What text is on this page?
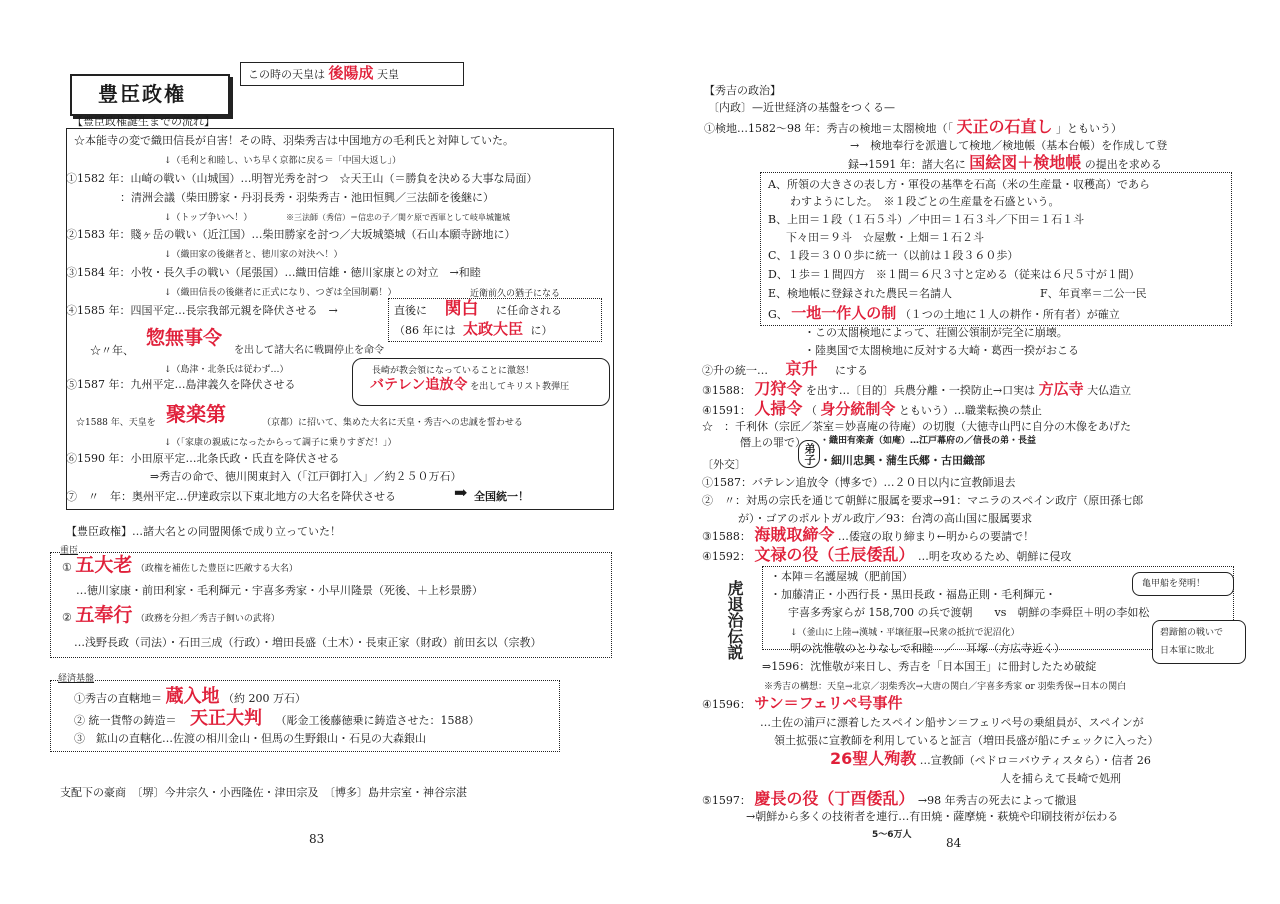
豊臣政権
この時の天皇は 後陽成 天皇
【豊臣政権誕生までの流れ】
☆本能寺の変で織田信長が自害！その時、羽柴秀吉は中国地方の毛利氏と対陣していた。
↓（毛利と和睦し、いち早く京都に戻る＝「中国大返し」）
①1582 年：山崎の戦い（山城国）…明智光秀を討つ　☆天王山（＝勝負を決める大事な局面）
：清洲会議（柴田勝家・丹羽長秀・羽柴秀吉・池田恒興／三法師を後継に）
↓（トップ争いへ！）	※三法師（秀信）＝信忠の子／関ケ原で西軍として岐阜城籠城
②1583 年：賤ヶ岳の戦い（近江国）…柴田勝家を討つ／大坂城築城（石山本願寺跡地に）
↓（織田家の後継者と、徳川家の対決へ！）
③1584 年：小牧・長久手の戦い（尾張国）…織田信雄・徳川家康との対立　→和睦
↓（織田信長の後継者に正式になり、つぎは全国制覇！）
④1585 年：四国平定…長宗我部元親を降伏させる　→
近衛前久の猶子になる
直後に 関白 に任命される
（86 年には 太政大臣 に）
☆〃年、
惣無事令
を出して諸大名に戦闘停止を命令
↓（島津・北条氏は従わず…）
⑤1587 年：九州平定…島津義久を降伏させる
長崎が教会領になっていることに激怒！
バテレン追放令 を出してキリスト教弾圧
☆1588 年、天皇を 聚楽第	（京都）に招いて、集めた大名に天皇・秀吉への忠誠を誓わせる
↓（「家康の親戚になったからって調子に乗りすぎだ！」）
⑥1590 年：小田原平定…北条氏政・氏直を降伏させる
⇒秀吉の命で、徳川関東封入（「江戸御打入」／約２５０万石）
⑦　〃　年：奥州平定…伊達政宗以下東北地方の大名を降伏させる	➡ 全国統一！
【豊臣政権】…諸大名との同盟関係で成り立っていた！
重臣
① 五大老 （政権を補佐した豊臣に匹敵する大名）
…徳川家康・前田利家・毛利輝元・宇喜多秀家・小早川隆景（死後、＋上杉景勝）
② 五奉行 （政務を分担／秀吉子飼いの武将）
…浅野長政（司法）・石田三成（行政）・増田長盛（土木）・長束正家（財政）前田玄以（宗教）
経済基盤
①秀吉の直轄地＝ 蔵入地 （約 200 万石）
② 統一貨幣の鋳造＝ 天正大判 （彫金工後藤徳乗に鋳造させた：1588）
③　鉱山の直轄化…佐渡の相川金山・但馬の生野銀山・石見の大森銀山
支配下の豪商　〔堺〕今井宗久・小西隆佐・津田宗及　〔博多〕島井宗室・神谷宗湛
83
【秀吉の政治】
〔内政〕—近世経済の基盤をつくる—
①検地…1582～98 年：秀吉の検地＝太閤検地（「 天正の石直し 」ともいう）
→　検地奉行を派遣して検地／検地帳（基本台帳）を作成して登
録→1591 年：諸大名に 国絵図＋検地帳 の提出を求める
A、所領の大きさの表し方・軍役の基準を石高（米の生産量・収穫高）であら
わすようにした。　※１段ごとの生産量を石盛という。
B、上田＝１段（１石５斗）／中田＝１石３斗／下田＝１石１斗
下々田＝９斗　☆屋敷・上畑＝１石２斗
C、１段＝３００歩に統一（以前は１段３６０歩）
D、１歩＝１間四方　※１間＝６尺３寸と定める（従来は６尺５寸が１間）
E、検地帳に登録された農民＝名請人	F、年貢率＝二公一民
G、 一地一作人の制 （１つの土地に１人の耕作・所有者）が確立
・この太閤検地によって、荘園公領制が完全に崩壊。
・陸奥国で太閤検地に反対する大崎・葛西一揆がおこる
②升の統一… 京升 にする
③1588： 刀狩令 を出す…〔目的〕兵農分離・一揆防止→口実は 方広寺 大仏造立
④1591： 人掃令 （ 身分統制令 ともいう）…職業転換の禁止
☆　：千利休（宗匠／茶室＝妙喜庵の待庵）の切腹（大徳寺山門に自分の木像をあげた
僭上の罪で）
弟子
・織田有楽斎（如庵）…江戸幕府の／信長の弟・長益
・細川忠興・蒲生氏郷・古田織部
〔外交〕
①1587：バテレン追放令（博多で）…２０日以内に宣教師退去
②　〃：対馬の宗氏を通じて朝鮮に服属を要求→91：マニラのスペイン政庁（原田孫七郎
が）・ゴアのポルトガル政庁／93：台湾の高山国に服属要求
③1588： 海賊取締令 …倭寇の取り締まり←明からの要請で！
④1592： 文禄の役（壬辰倭乱） …明を攻めるため、朝鮮に侵攻
・本陣＝名護屋城（肥前国）
・加藤清正・小西行長・黒田長政・福島正則・毛利輝元・
宇喜多秀家らが 158,700 の兵で渡朝　　vs　朝鮮の李舜臣＋明の李如松
↓（釜山に上陸→漢城・平壌征服→民衆の抵抗で泥沼化）
明の沈惟敬のとりなしで和睦　／　耳塚（方広寺近く）
亀甲船を発明！
碧蹄館の戦いで
日本軍に敗北
虎退治伝説
⇒1596：沈惟敬が来日し、秀吉を「日本国王」に冊封したため破綻
※秀吉の構想：天皇→北京／羽柴秀次→大唐の関白／宇喜多秀家 or 羽柴秀保→日本の関白
④1596： サン＝フェリペ号事件
…土佐の浦戸に漂着したスペイン船サン＝フェリペ号の乗組員が、スペインが
領土拡張に宣教師を利用していると証言（増田長盛が船にチェックに入った）
26聖人殉教 …宣教師（ペドロ＝バウティスタら）・信者 26
人を捕らえて長崎で処刑
⑤1597： 慶長の役（丁酉倭乱） →98 年秀吉の死去によって撤退
→朝鮮から多くの技術者を連行…有田焼・薩摩焼・萩焼や印刷技術が伝わる
5～6万人
84
